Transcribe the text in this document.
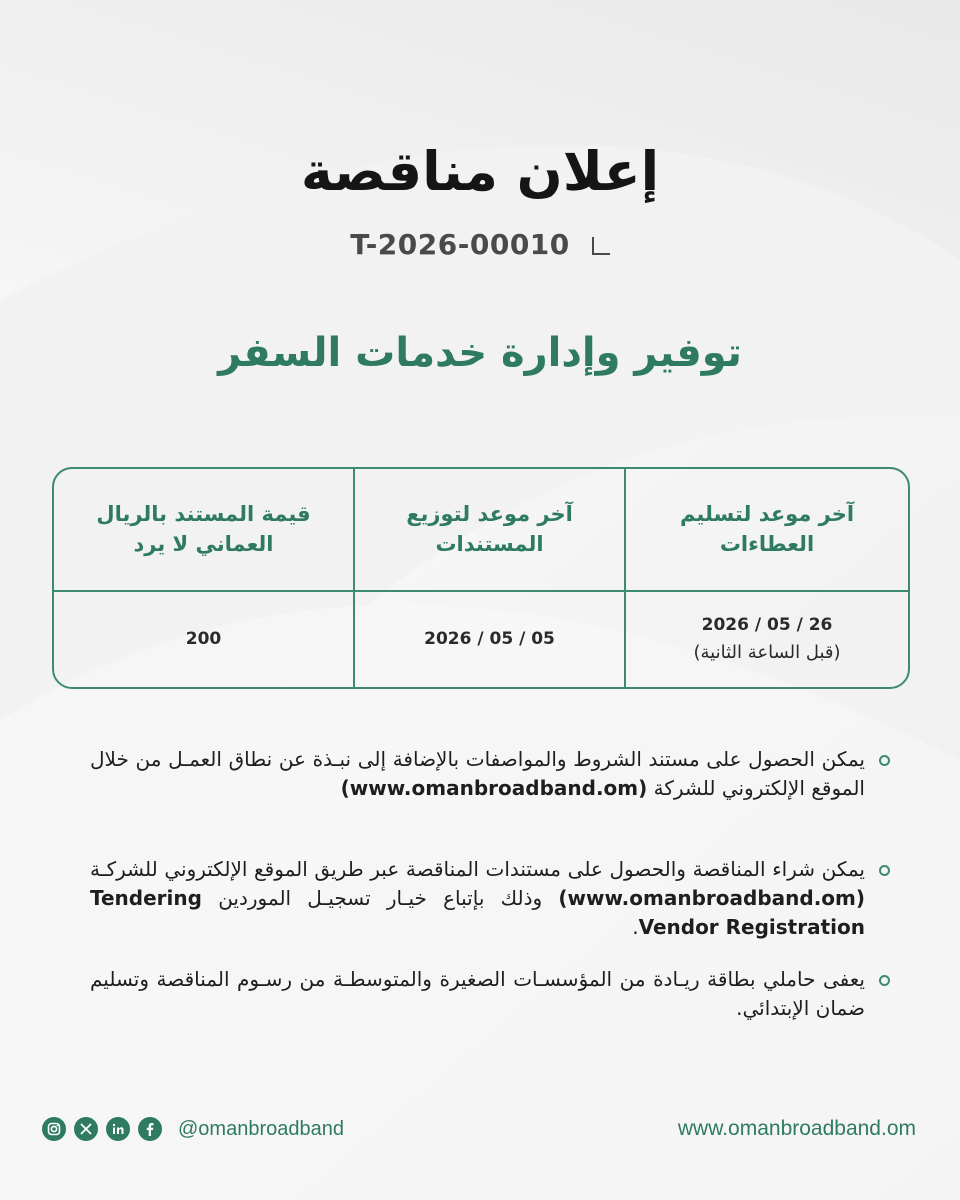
إعلان مناقصة
T-2026-00010
توفير وإدارة خدمات السفر
قيمة المستند بالريال العماني لا يرد
آخر موعد لتوزيع المستندات
آخر موعد لتسليم العطاءات
200	05 / 05 / 2026
26 / 05 / 2026
(قبل الساعة الثانية)
يمكن الحصول على مستند الشروط والمواصفات بالإضافة إلى نبـذة عن نطاق العمـل من خلال الموقع الإلكتروني للشركة (www.omanbroadband.om)
يمكن شراء المناقصة والحصول على مستندات المناقصة عبر طريق الموقع الإلكتروني للشركـة (www.omanbroadband.om) وذلك بإتباع خيـار تسجيـل الموردين Tendering Vendor Registration.
يعفى حاملي بطاقة ريـادة من المؤسسـات الصغيرة والمتوسطـة من رسـوم المناقصة وتسليم ضمان الإبتدائي.
@omanbroadband	www.omanbroadband.om
